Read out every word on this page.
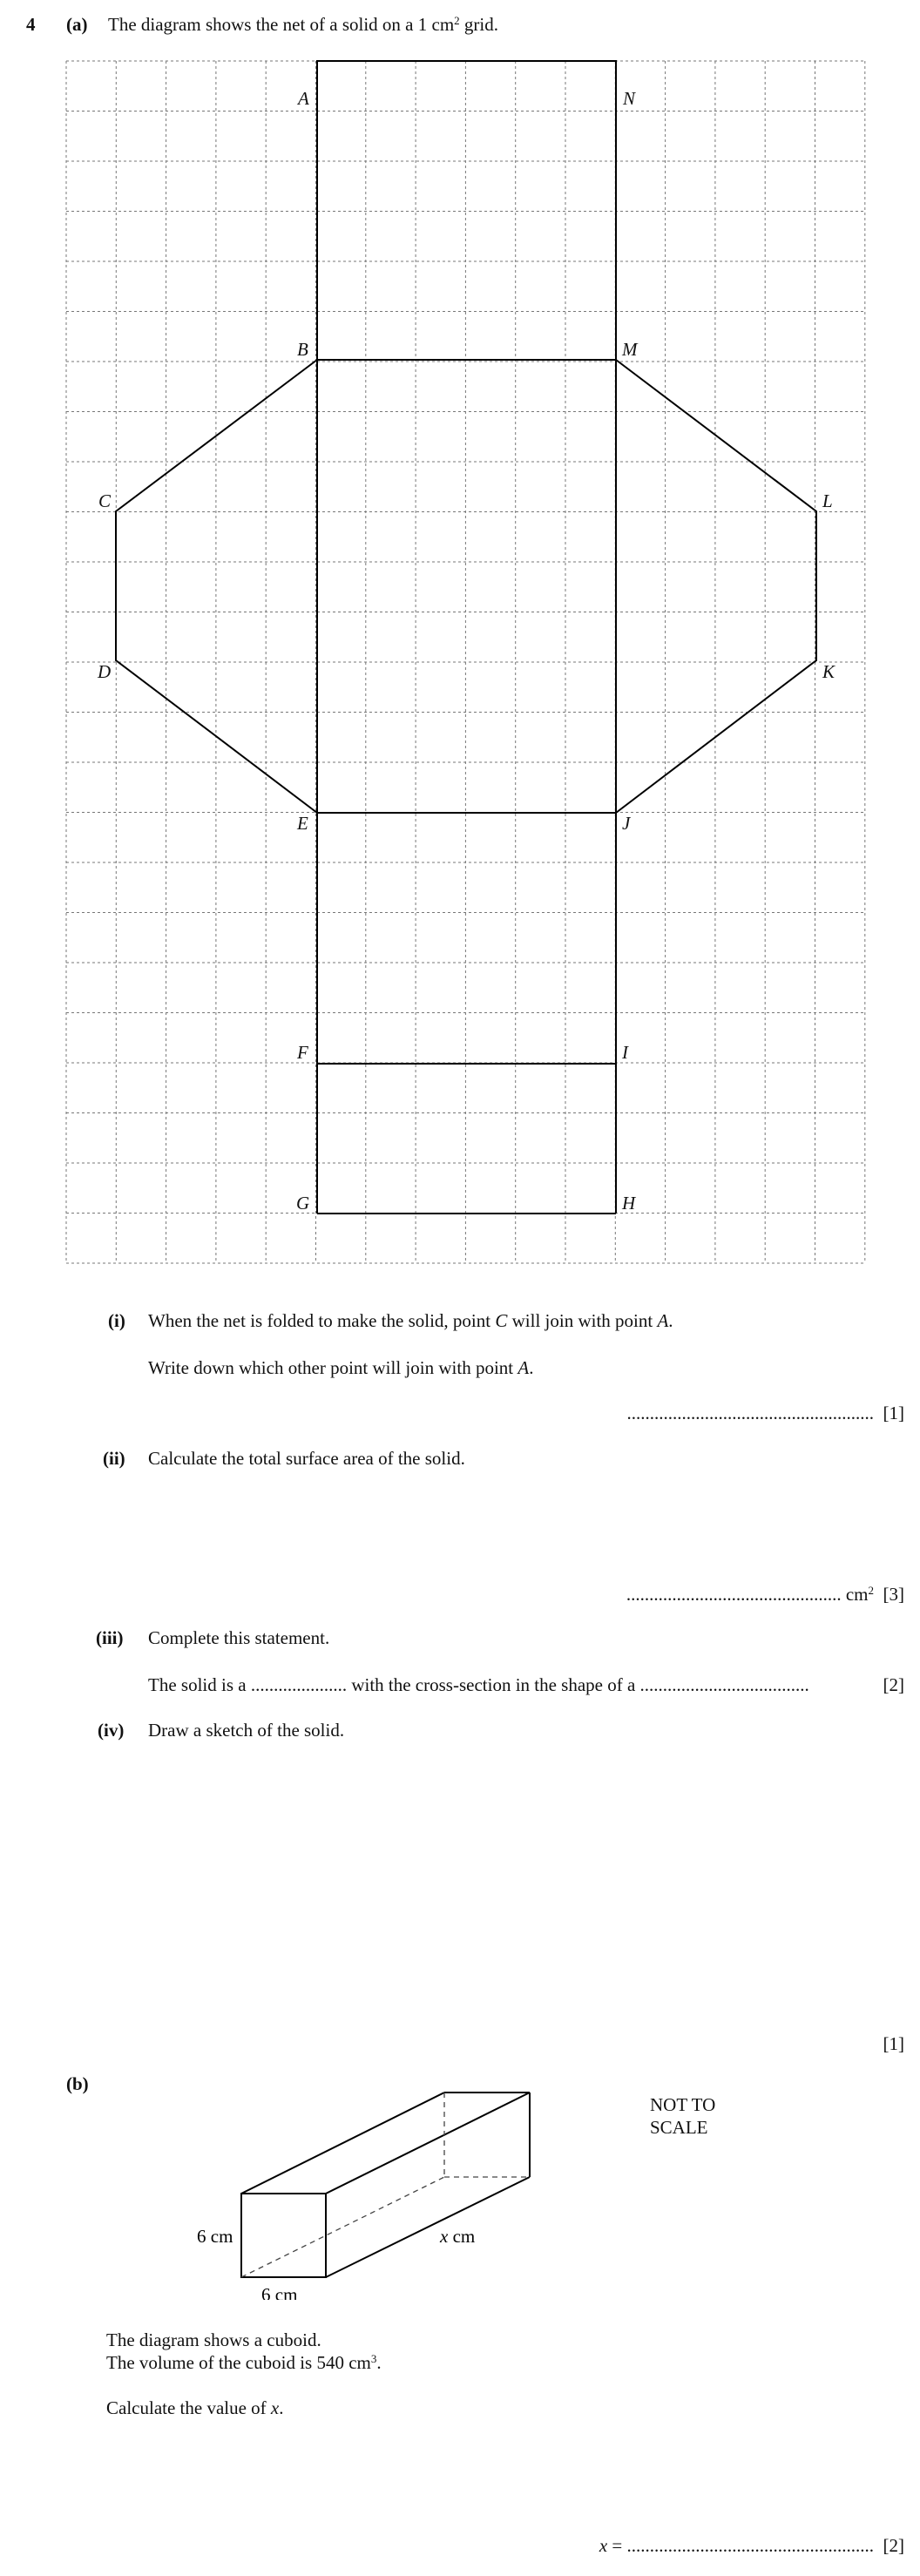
4 (a) The diagram shows the net of a solid on a 1 $cm^2$ grid.
A	N
B	M
C	L
D	K
E	J
F	I
G	H
(i) When the net is folded to make the solid, point C will join with point A.
Write down which other point will join with point A.
...................................................... [1]
(ii) Calculate the total surface area of the solid.
............................................... $cm^2$ [3]
(iii) Complete this statement.
The solid is a ..................... with the cross-section in the shape of a .....................................	[2]
(iv) Draw a sketch of the solid.
[1]
(b)
6 cm
6 cm
x cm
NOT TO
SCALE
The diagram shows a cuboid.
The volume of the cuboid is 540 $cm^3$.
Calculate the value of x.
x = ...................................................... [2]
